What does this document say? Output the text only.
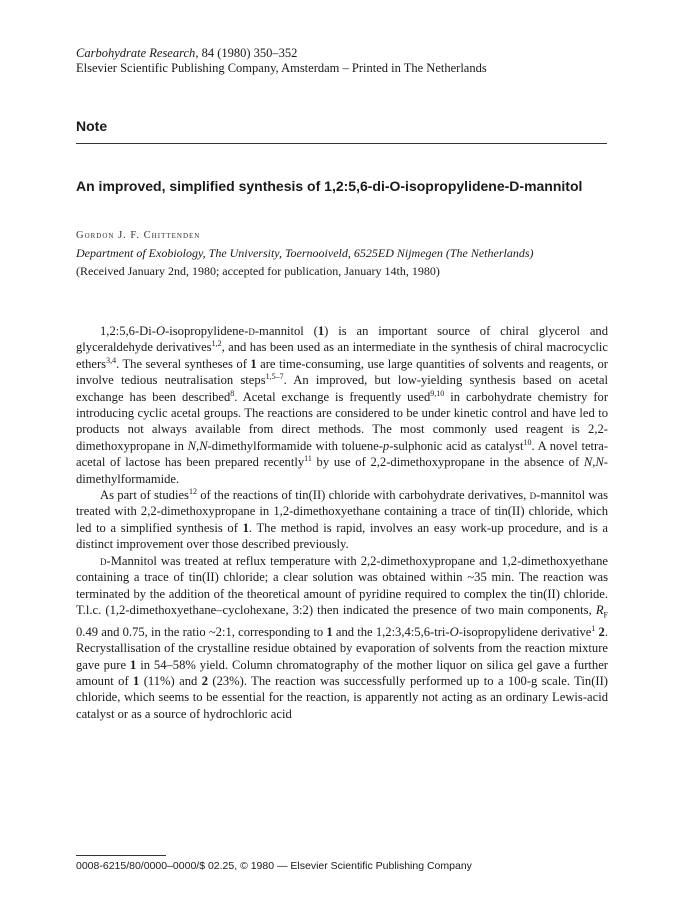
Carbohydrate Research, 84 (1980) 350–352
Elsevier Scientific Publishing Company, Amsterdam – Printed in The Netherlands
Note
An improved, simplified synthesis of 1,2:5,6-di-O-isopropylidene-D-mannitol
Gordon J. F. Chittenden
Department of Exobiology, The University, Toernooiveld, 6525ED Nijmegen (The Netherlands)
(Received January 2nd, 1980; accepted for publication, January 14th, 1980)

1,2:5,6-Di-O-isopropylidene-d-mannitol (1) is an important source of chiral glycerol and glyceraldehyde derivatives$^{1,2}$, and has been used as an intermediate in the synthesis of chiral macrocyclic ethers$^{3,4}$. The several syntheses of 1 are time-consuming, use large quantities of solvents and reagents, or involve tedious neutralisation steps$^{1,5-7}$. An improved, but low-yielding synthesis based on acetal exchange has been described$^8$. Acetal exchange is frequently used$^{9,10}$ in carbohydrate chemistry for introducing cyclic acetal groups. The reactions are considered to be under kinetic control and have led to products not always available from direct methods. The most commonly used reagent is 2,2-dimethoxypropane in N,N-dimethylformamide with toluene-p-sulphonic acid as catalyst$^{10}$. A novel tetra-acetal of lactose has been prepared recently$^{11}$ by use of 2,2-dimethoxypropane in the absence of N,N-dimethylformamide.

As part of studies$^{12}$ of the reactions of tin(II) chloride with carbohydrate derivatives, d-mannitol was treated with 2,2-dimethoxypropane in 1,2-dimethoxyethane containing a trace of tin(II) chloride, which led to a simplified synthesis of 1. The method is rapid, involves an easy work-up procedure, and is a distinct improvement over those described previously.

d-Mannitol was treated at reflux temperature with 2,2-dimethoxypropane and 1,2-dimethoxyethane containing a trace of tin(II) chloride; a clear solution was obtained within ~35 min. The reaction was terminated by the addition of the theoretical amount of pyridine required to complex the tin(II) chloride. T.l.c. (1,2-dimethoxyethane–cyclohexane, 3:2) then indicated the presence of two main components, $R_F$ 0.49 and 0.75, in the ratio ~2:1, corresponding to 1 and the 1,2:3,4:5,6-tri-O-isopropylidene derivative$^1$ 2. Recrystallisation of the crystalline residue obtained by evaporation of solvents from the reaction mixture gave pure 1 in 54–58% yield. Column chromatography of the mother liquor on silica gel gave a further amount of 1 (11%) and 2 (23%). The reaction was successfully performed up to a 100-g scale. Tin(II) chloride, which seems to be essential for the reaction, is apparently not acting as an ordinary Lewis-acid catalyst or as a source of hydrochloric acid

0008-6215/80/0000–0000/$ 02.25, © 1980 — Elsevier Scientific Publishing Company
